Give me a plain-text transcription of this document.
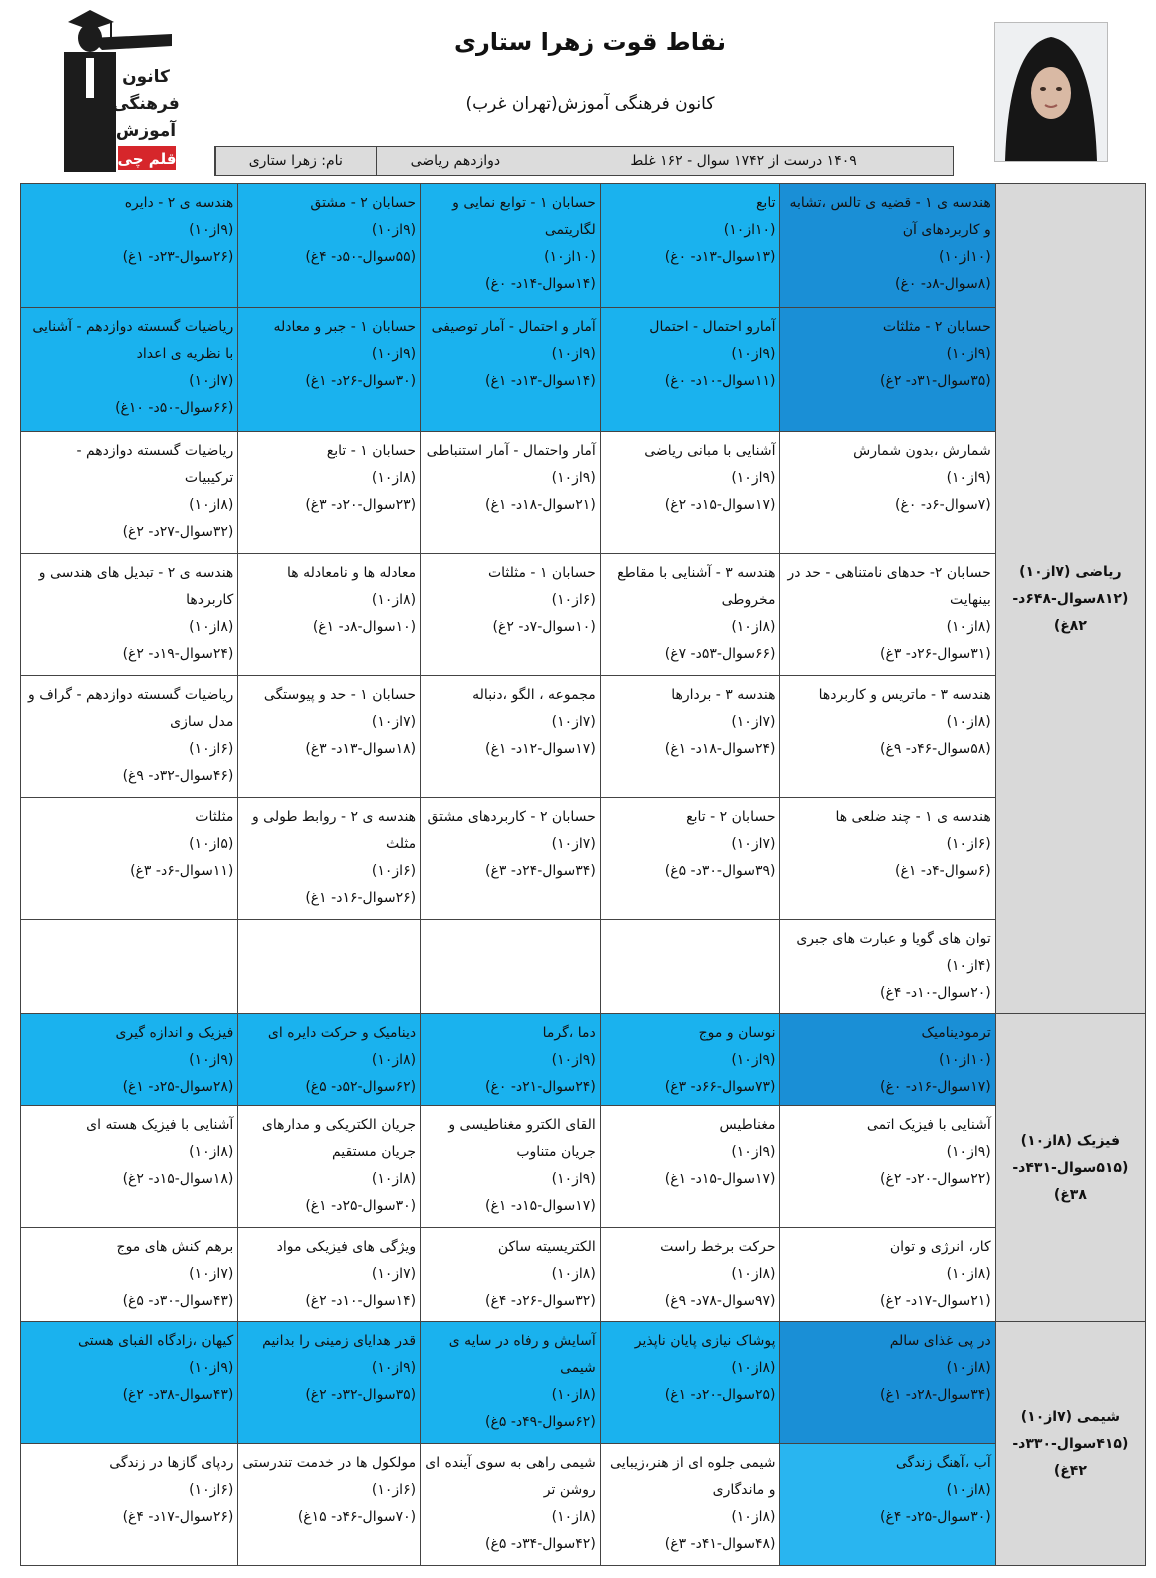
کانون
فرهنگی
آموزش
قلم چی
نقاط قوت زهرا ستاری
کانون فرهنگی آموزش(تهران غرب)
نام: زهرا ستاری	دوازدهم ریاضی	۱۴۰۹ درست از ۱۷۴۲ سوال - ۱۶۲ غلط
ریاضی (۷از۱۰)
(۸۱۲سوال-۶۴۸د-
۸۲غ)	هندسه ی ۱ - قضیه ی تالس ،تشابه و کاربردهای آن
(۱۰از۱۰)
(۸سوال-۸د- ۰غ)	تابع
(۱۰از۱۰)
(۱۳سوال-۱۳د- ۰غ)	حسابان ۱ - توابع نمایی و لگاریتمی
(۱۰از۱۰)
(۱۴سوال-۱۴د- ۰غ)	حسابان ۲ - مشتق
(۹از۱۰)
(۵۵سوال-۵۰د- ۴غ)	هندسه ی ۲ - دایره
(۹از۱۰)
(۲۶سوال-۲۳د- ۱غ)

	حسابان ۲ - مثلثات
(۹از۱۰)
(۳۵سوال-۳۱د- ۲غ)	آمارو احتمال - احتمال
(۹از۱۰)
(۱۱سوال-۱۰د- ۰غ)	آمار و احتمال - آمار توصیفی
(۹از۱۰)
(۱۴سوال-۱۳د- ۱غ)	حسابان ۱ - جبر و معادله
(۹از۱۰)
(۳۰سوال-۲۶د- ۱غ)	ریاضیات گسسته دوازدهم - آشنایی با نظریه ی اعداد
(۷از۱۰)
(۶۶سوال-۵۰د- ۱۰غ)

	شمارش ،بدون شمارش
(۹از۱۰)
(۷سوال-۶د- ۰غ)	آشنایی با مبانی ریاضی
(۹از۱۰)
(۱۷سوال-۱۵د- ۲غ)	آمار واحتمال - آمار استنباطی
(۹از۱۰)
(۲۱سوال-۱۸د- ۱غ)	حسابان ۱ - تابع
(۸از۱۰)
(۲۳سوال-۲۰د- ۳غ)	ریاضیات گسسته دوازدهم - ترکیبیات
(۸از۱۰)
(۳۲سوال-۲۷د- ۲غ)

	حسابان ۲- حدهای نامتناهی - حد در بینهایت
(۸از۱۰)
(۳۱سوال-۲۶د- ۳غ)	هندسه ۳ - آشنایی با مقاطع مخروطی
(۸از۱۰)
(۶۶سوال-۵۳د- ۷غ)	حسابان ۱ - مثلثات
(۶از۱۰)
(۱۰سوال-۷د- ۲غ)	معادله ها و نامعادله ها
(۸از۱۰)
(۱۰سوال-۸د- ۱غ)	هندسه ی ۲ - تبدیل های هندسی و کاربردها
(۸از۱۰)
(۲۴سوال-۱۹د- ۲غ)

	هندسه ۳ - ماتریس و کاربردها
(۸از۱۰)
(۵۸سوال-۴۶د- ۹غ)	هندسه ۳ - بردارها
(۷از۱۰)
(۲۴سوال-۱۸د- ۱غ)	مجموعه ، الگو ،دنباله
(۷از۱۰)
(۱۷سوال-۱۲د- ۱غ)	حسابان ۱ - حد و پیوستگی
(۷از۱۰)
(۱۸سوال-۱۳د- ۳غ)	ریاضیات گسسته دوازدهم - گراف و مدل سازی
(۶از۱۰)
(۴۶سوال-۳۲د- ۹غ)

	هندسه ی ۱ - چند ضلعی ها
(۶از۱۰)
(۶سوال-۴د- ۱غ)	حسابان ۲ - تابع
(۷از۱۰)
(۳۹سوال-۳۰د- ۵غ)	حسابان ۲ - کاربردهای مشتق
(۷از۱۰)
(۳۴سوال-۲۴د- ۳غ)	هندسه ی ۲ - روابط طولی و مثلث
(۶از۱۰)
(۲۶سوال-۱۶د- ۱غ)	مثلثات
(۵از۱۰)
(۱۱سوال-۶د- ۳غ)

	توان های گویا و عبارت های جبری
(۴از۱۰)
(۲۰سوال-۱۰د- ۴غ)				

فیزیک (۸از۱۰)
(۵۱۵سوال-۴۳۱د-
۳۸غ)	ترمودینامیک
(۱۰از۱۰)
(۱۷سوال-۱۶د- ۰غ)	نوسان و موج
(۹از۱۰)
(۷۳سوال-۶۶د- ۳غ)	دما ،گرما
(۹از۱۰)
(۲۴سوال-۲۱د- ۰غ)	دینامیک و حرکت دایره ای
(۸از۱۰)
(۶۲سوال-۵۲د- ۵غ)	فیزیک و اندازه گیری
(۹از۱۰)
(۲۸سوال-۲۵د- ۱غ)

	آشنایی با فیزیک اتمی
(۹از۱۰)
(۲۲سوال-۲۰د- ۲غ)	مغناطیس
(۹از۱۰)
(۱۷سوال-۱۵د- ۱غ)	القای الکترو مغناطیسی و جریان متناوب
(۹از۱۰)
(۱۷سوال-۱۵د- ۱غ)	جریان الکتریکی و مدارهای جریان مستقیم
(۸از۱۰)
(۳۰سوال-۲۵د- ۱غ)	آشنایی با فیزیک هسته ای
(۸از۱۰)
(۱۸سوال-۱۵د- ۲غ)

	کار، انرژی و توان
(۸از۱۰)
(۲۱سوال-۱۷د- ۲غ)	حرکت برخط راست
(۸از۱۰)
(۹۷سوال-۷۸د- ۹غ)	الکتریسیته ساکن
(۸از۱۰)
(۳۲سوال-۲۶د- ۴غ)	ویژگی های فیزیکی مواد
(۷از۱۰)
(۱۴سوال-۱۰د- ۲غ)	برهم کنش های موج
(۷از۱۰)
(۴۳سوال-۳۰د- ۵غ)

شیمی (۷از۱۰)
(۴۱۵سوال-۳۳۰د-
۴۲غ)	در پی غذای سالم
(۸از۱۰)
(۳۴سوال-۲۸د- ۱غ)	پوشاک نیازی پایان ناپذیر
(۸از۱۰)
(۲۵سوال-۲۰د- ۱غ)	آسایش و رفاه در سایه ی شیمی
(۸از۱۰)
(۶۲سوال-۴۹د- ۵غ)	قدر هدایای زمینی را بدانیم
(۹از۱۰)
(۳۵سوال-۳۲د- ۲غ)	کیهان ،زادگاه الفبای هستی
(۹از۱۰)
(۴۳سوال-۳۸د- ۲غ)

	آب ،آهنگ زندگی
(۸از۱۰)
(۳۰سوال-۲۵د- ۴غ)	شیمی جلوه ای از هنر،زیبایی و ماندگاری
(۸از۱۰)
(۴۸سوال-۴۱د- ۳غ)	شیمی راهی به سوی آینده ای روشن تر
(۸از۱۰)
(۴۲سوال-۳۴د- ۵غ)	مولکول ها در خدمت تندرستی
(۶از۱۰)
(۷۰سوال-۴۶د- ۱۵غ)	ردپای گازها در زندگی
(۶از۱۰)
(۲۶سوال-۱۷د- ۴غ)
